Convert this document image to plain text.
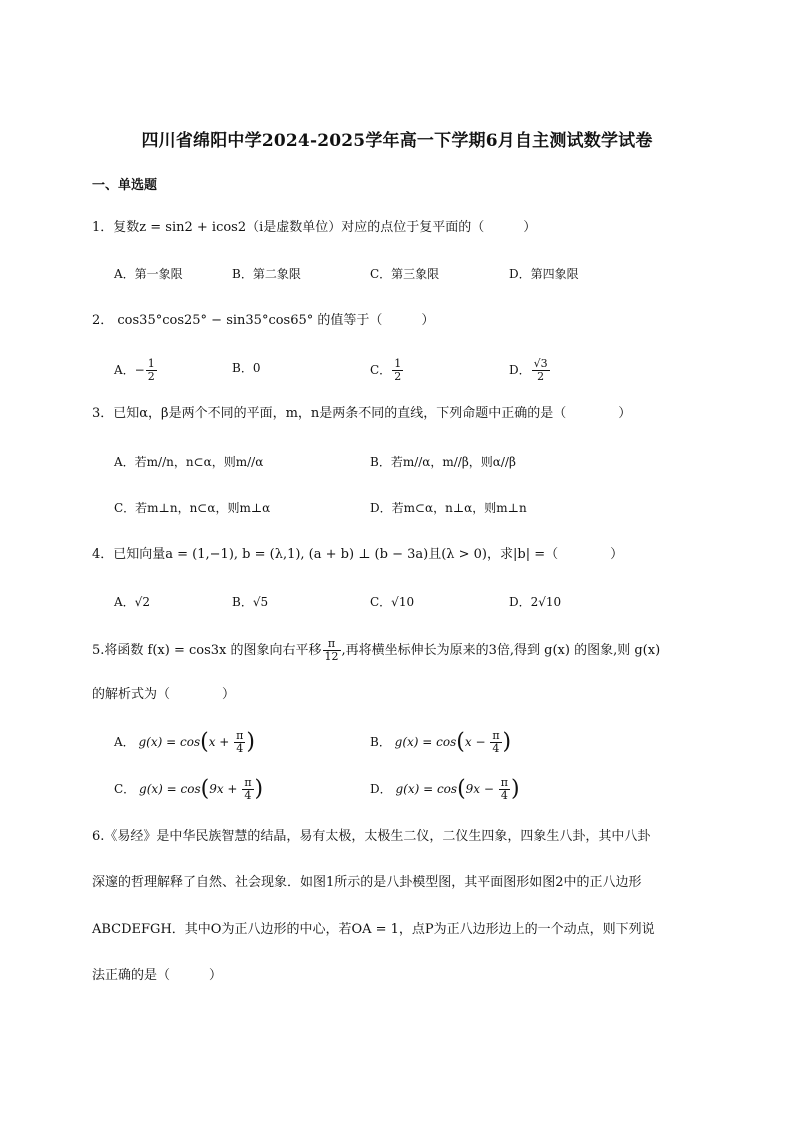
四川省绵阳中学2024-2025学年高一下学期6月自主测试数学试卷
一、单选题
1．复数z = sin2 + icos2（i是虚数单位）对应的点位于复平面的（　　　）
A．第一象限	B．第二象限	C．第三象限	D．第四象限
2． cos35°cos25° − sin35°cos65° 的值等于（　　　）
A．− $\frac{1}{2}$	B．0	C． $\frac{1}{2}$	D． $\frac{√3}{2}$
3．已知α，β是两个不同的平面，m，n是两条不同的直线，下列命题中正确的是（　　　　）
A．若m//n，n⊂α，则m//α	B．若m//α，m//β，则α//β
C．若m⊥n，n⊂α，则m⊥α	D．若m⊂α，n⊥α，则m⊥n
4．已知向量a = (1,−1), b = (λ,1), (a + b) ⊥ (b − 3a)且(λ > 0)，求|b| =（　　　　）
A．√2	B．√5	C．√10	D．2√10
5.将函数 f(x) = cos3x 的图象向右平移 $\frac{\pi}{12}$ ,再将横坐标伸长为原来的3倍,得到 g(x) 的图象,则 g(x)
的解析式为（　　　　）
A． $g(x) = \cos(x + \frac{\pi}{4}$ )	B． $g(x) = \cos(x - \frac{\pi}{4}$ )
C． $g(x) = \cos(9x + \frac{\pi}{4}$ )	D． $g(x) = \cos(9x - \frac{\pi}{4}$ )
6.《易经》是中华民族智慧的结晶，易有太极，太极生二仪，二仪生四象，四象生八卦，其中八卦
深邃的哲理解释了自然、社会现象．如图1所示的是八卦模型图，其平面图形如图2中的正八边形
ABCDEFGH．其中O为正八边形的中心，若OA = 1，点P为正八边形边上的一个动点，则下列说
法正确的是（　　　）
